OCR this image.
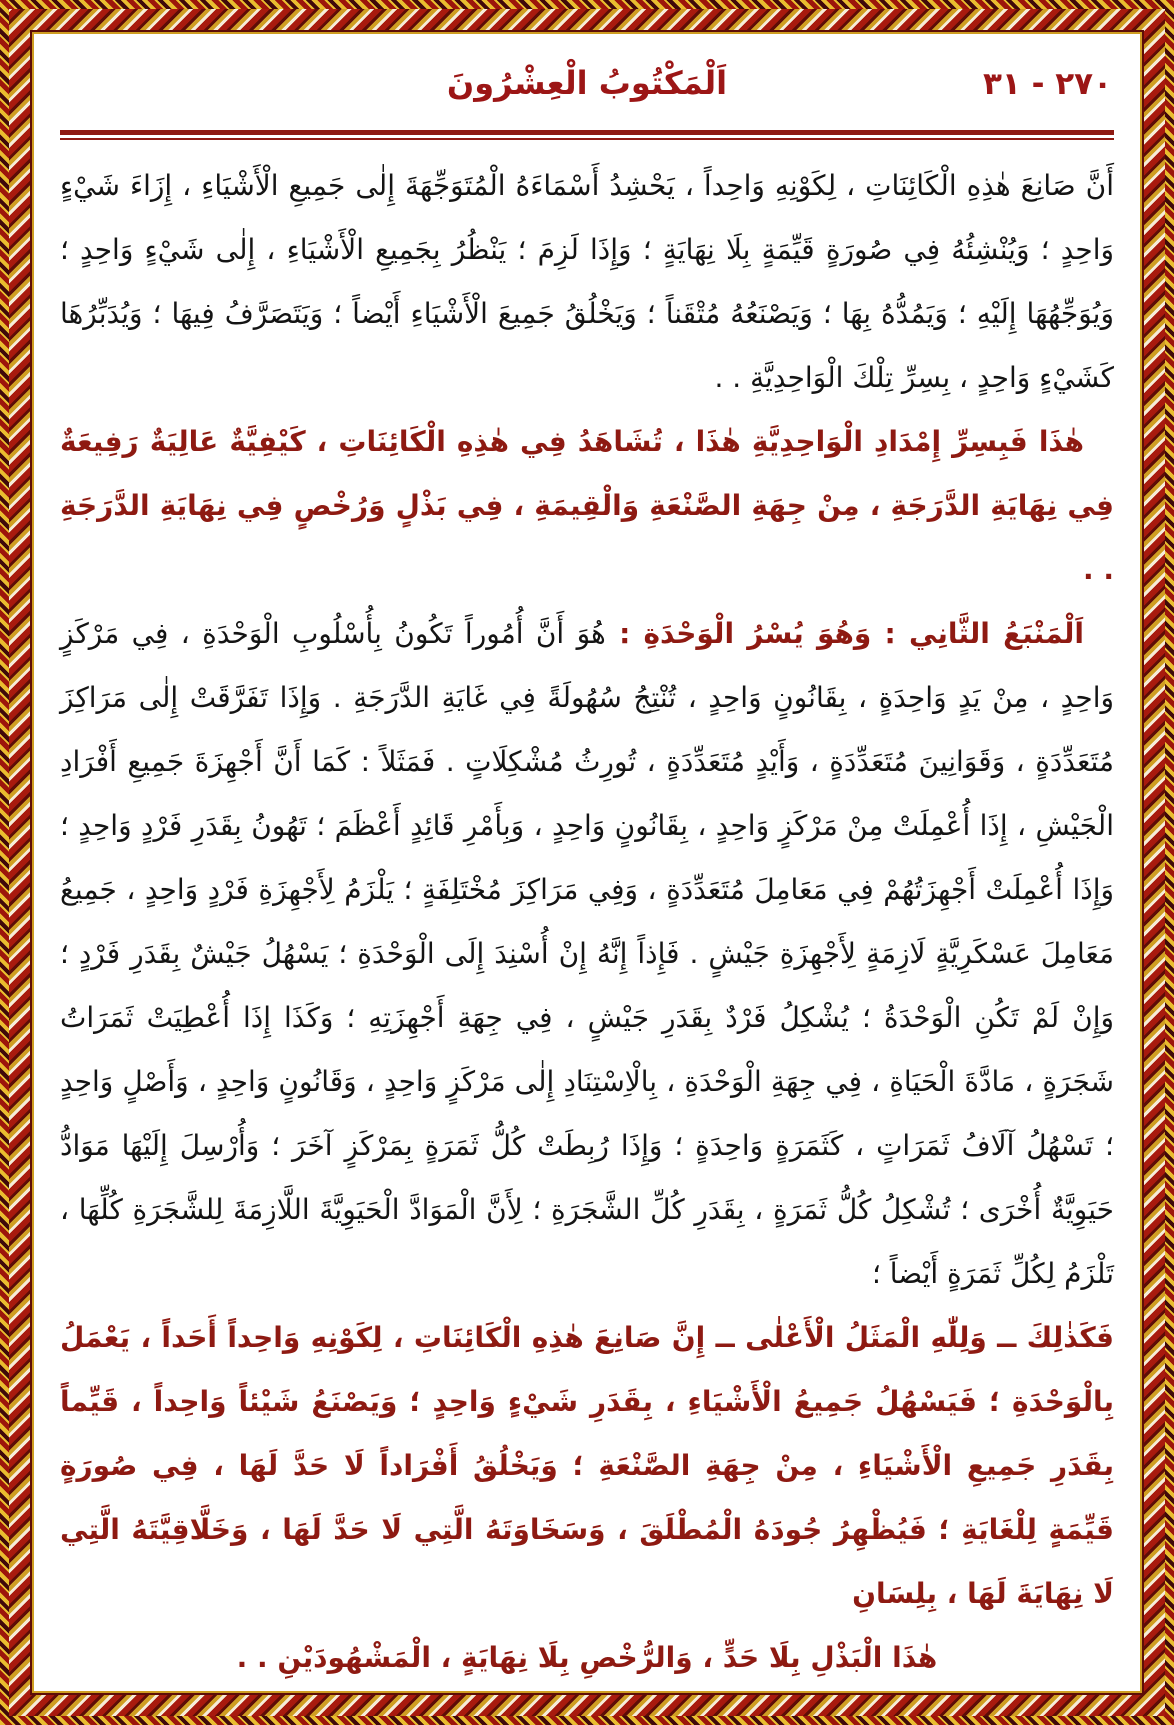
٢٧٠ - ٣١
اَلْمَكْتُوبُ الْعِشْرُونَ

أَنَّ صَانِعَ هٰذِهِ الْكَائِنَاتِ ، لِكَوْنِهِ وَاحِداً ، يَحْشِدُ أَسْمَاءَهُ الْمُتَوَجِّهَةَ إِلٰى جَمِيعِ الْأَشْيَاءِ ، إِزَاءَ شَيْءٍ وَاحِدٍ ؛ وَيُنْشِئُهُ فِي صُورَةٍ قَيِّمَةٍ بِلَا نِهَايَةٍ ؛ وَإِذَا لَزِمَ ؛ يَنْظُرُ بِجَمِيعِ الْأَشْيَاءِ ، إِلٰى شَيْءٍ وَاحِدٍ ؛ وَيُوَجِّهُهَا إِلَيْهِ ؛ وَيَمُدُّهُ بِهَا ؛ وَيَصْنَعُهُ مُتْقَناً ؛ وَيَخْلُقُ جَمِيعَ الْأَشْيَاءِ أَيْضاً ؛ وَيَتَصَرَّفُ فِيهَا ؛ وَيُدَبِّرُهَا كَشَيْءٍ وَاحِدٍ ، بِسِرِّ تِلْكَ الْوَاحِدِيَّةِ . .

هٰذَا فَبِسِرِّ إِمْدَادِ الْوَاحِدِيَّةِ هٰذَا ، تُشَاهَدُ فِي هٰذِهِ الْكَائِنَاتِ ، كَيْفِيَّةٌ عَالِيَةٌ رَفِيعَةٌ فِي نِهَايَةِ الدَّرَجَةِ ، مِنْ جِهَةِ الصَّنْعَةِ وَالْقِيمَةِ ، فِي بَذْلٍ وَرُخْصٍ فِي نِهَايَةِ الدَّرَجَةِ . .

اَلْمَنْبَعُ الثَّانِي : وَهُوَ يُسْرُ الْوَحْدَةِ : هُوَ أَنَّ أُمُوراً تَكُونُ بِأُسْلُوبِ الْوَحْدَةِ ، فِي مَرْكَزٍ وَاحِدٍ ، مِنْ يَدٍ وَاحِدَةٍ ، بِقَانُونٍ وَاحِدٍ ، تُنْتِجُ سُهُولَةً فِي غَايَةِ الدَّرَجَةِ . وَإِذَا تَفَرَّقَتْ إِلٰى مَرَاكِزَ مُتَعَدِّدَةٍ ، وَقَوَانِينَ مُتَعَدِّدَةٍ ، وَأَيْدٍ مُتَعَدِّدَةٍ ، تُورِثُ مُشْكِلَاتٍ . فَمَثَلاً : كَمَا أَنَّ أَجْهِزَةَ جَمِيعِ أَفْرَادِ الْجَيْشِ ، إِذَا أُعْمِلَتْ مِنْ مَرْكَزٍ وَاحِدٍ ، بِقَانُونٍ وَاحِدٍ ، وَبِأَمْرِ قَائِدٍ أَعْظَمَ ؛ تَهُونُ بِقَدَرِ فَرْدٍ وَاحِدٍ ؛ وَإِذَا أُعْمِلَتْ أَجْهِزَتُهُمْ فِي مَعَامِلَ مُتَعَدِّدَةٍ ، وَفِي مَرَاكِزَ مُخْتَلِفَةٍ ؛ يَلْزَمُ لِأَجْهِزَةِ فَرْدٍ وَاحِدٍ ، جَمِيعُ مَعَامِلَ عَسْكَرِيَّةٍ لَازِمَةٍ لِأَجْهِزَةِ جَيْشٍ . فَإِذاً إِنَّهُ إِنْ أُسْنِدَ إِلَى الْوَحْدَةِ ؛ يَسْهُلُ جَيْشٌ بِقَدَرِ فَرْدٍ ؛ وَإِنْ لَمْ تَكُنِ الْوَحْدَةُ ؛ يُشْكِلُ فَرْدٌ بِقَدَرِ جَيْشٍ ، فِي جِهَةِ أَجْهِزَتِهِ ؛ وَكَذَا إِذَا أُعْطِيَتْ ثَمَرَاتُ شَجَرَةٍ ، مَادَّةَ الْحَيَاةِ ، فِي جِهَةِ الْوَحْدَةِ ، بِالْاِسْتِنَادِ إِلٰى مَرْكَزٍ وَاحِدٍ ، وَقَانُونٍ وَاحِدٍ ، وَأَصْلٍ وَاحِدٍ ؛ تَسْهُلُ آلَافُ ثَمَرَاتٍ ، كَثَمَرَةٍ وَاحِدَةٍ ؛ وَإِذَا رُبِطَتْ كُلُّ ثَمَرَةٍ بِمَرْكَزٍ آخَرَ ؛ وَأُرْسِلَ إِلَيْهَا مَوَادُّ حَيَوِيَّةٌ أُخْرَى ؛ تُشْكِلُ كُلُّ ثَمَرَةٍ ، بِقَدَرِ كُلِّ الشَّجَرَةِ ؛ لِأَنَّ الْمَوَادَّ الْحَيَوِيَّةَ اللَّازِمَةَ لِلشَّجَرَةِ كُلِّهَا ، تَلْزَمُ لِكُلِّ ثَمَرَةٍ أَيْضاً ؛

فَكَذٰلِكَ ــ وَلِلّٰهِ الْمَثَلُ الْأَعْلٰى ــ إِنَّ صَانِعَ هٰذِهِ الْكَائِنَاتِ ، لِكَوْنِهِ وَاحِداً أَحَداً ، يَعْمَلُ بِالْوَحْدَةِ ؛ فَيَسْهُلُ جَمِيعُ الْأَشْيَاءِ ، بِقَدَرِ شَيْءٍ وَاحِدٍ ؛ وَيَصْنَعُ شَيْئاً وَاحِداً ، قَيِّماً بِقَدَرِ جَمِيعِ الْأَشْيَاءِ ، مِنْ جِهَةِ الصَّنْعَةِ ؛ وَيَخْلُقُ أَفْرَاداً لَا حَدَّ لَهَا ، فِي صُورَةٍ قَيِّمَةٍ لِلْغَايَةِ ؛ فَيُظْهِرُ جُودَهُ الْمُطْلَقَ ، وَسَخَاوَتَهُ الَّتِي لَا حَدَّ لَهَا ، وَخَلَّاقِيَّتَهُ الَّتِي لَا نِهَايَةَ لَهَا ، بِلِسَانِ

هٰذَا الْبَذْلِ بِلَا حَدٍّ ، وَالرُّخْصِ بِلَا نِهَايَةٍ ، الْمَشْهُودَيْنِ . .
